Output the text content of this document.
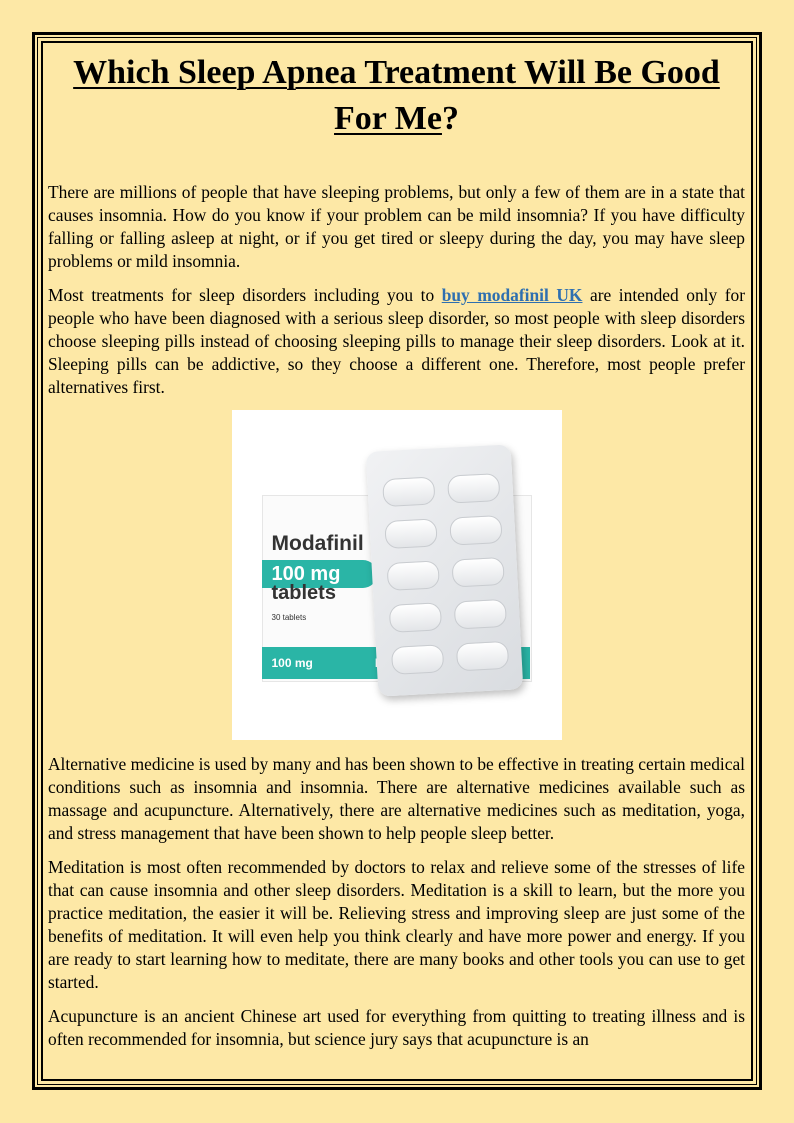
Which Sleep Apnea Treatment Will Be Good For Me?

There are millions of people that have sleeping problems, but only a few of them are in a state that causes insomnia. How do you know if your problem can be mild insomnia? If you have difficulty falling or falling asleep at night, or if you get tired or sleepy during the day, you may have sleep problems or mild insomnia.

Most treatments for sleep disorders including you to buy modafinil UK are intended only for people who have been diagnosed with a serious sleep disorder, so most people with sleep disorders choose sleeping pills instead of choosing sleeping pills to manage their sleep disorders. Look at it. Sleeping pills can be addictive, so they choose a different one. Therefore, most people prefer alternatives first.

Modafinil
100 mg
tablets
30 tablets
100 mg

Alternative medicine is used by many and has been shown to be effective in treating certain medical conditions such as insomnia and insomnia. There are alternative medicines available such as massage and acupuncture. Alternatively, there are alternative medicines such as meditation, yoga, and stress management that have been shown to help people sleep better.

Meditation is most often recommended by doctors to relax and relieve some of the stresses of life that can cause insomnia and other sleep disorders. Meditation is a skill to learn, but the more you practice meditation, the easier it will be. Relieving stress and improving sleep are just some of the benefits of meditation. It will even help you think clearly and have more power and energy. If you are ready to start learning how to meditate, there are many books and other tools you can use to get started.

Acupuncture is an ancient Chinese art used for everything from quitting to treating illness and is often recommended for insomnia, but science jury says that acupuncture is an
